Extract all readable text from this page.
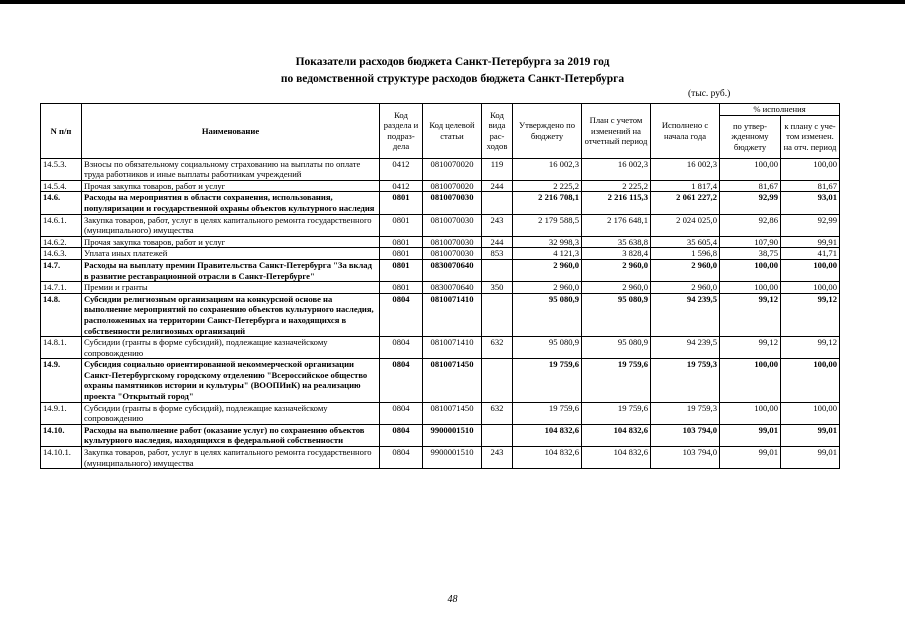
Показатели расходов бюджета Санкт-Петербурга за 2019 год
по ведомственной структуре расходов бюджета Санкт-Петербурга
(тыс. руб.)
N п/п	Наименование	Код раздела и подраз- дела	Код целевой статьи	Код вида рас- ходов	Утверждено по бюджету	План с учетом изменений на отчетный период	Исполнено с начала года	% исполнения	
								по утвер- жденному бюджету	к плану с уче- том изменен. на отч. период
14.5.3.	Взносы по обязательному социальному страхованию на выплаты по оплате труда работников и иные выплаты работникам учреждений	0412	0810070020	119	16 002,3	16 002,3	16 002,3	100,00	100,00
14.5.4.	Прочая закупка товаров, работ и услуг	0412	0810070020	244	2 225,2	2 225,2	1 817,4	81,67	81,67
14.6.	Расходы на мероприятия в области сохранения, использования, популяризации и государственной охраны объектов культурного наследия	0801	0810070030		2 216 708,1	2 216 115,3	2 061 227,2	92,99	93,01
14.6.1.	Закупка товаров, работ, услуг в целях капитального ремонта государственного (муниципального) имущества	0801	0810070030	243	2 179 588,5	2 176 648,1	2 024 025,0	92,86	92,99
14.6.2.	Прочая закупка товаров, работ и услуг	0801	0810070030	244	32 998,3	35 638,8	35 605,4	107,90	99,91
14.6.3.	Уплата иных платежей	0801	0810070030	853	4 121,3	3 828,4	1 596,8	38,75	41,71
14.7.	Расходы на выплату премии Правительства Санкт-Петербурга "За вклад в развитие реставрационной отрасли в Санкт-Петербурге"	0801	0830070640		2 960,0	2 960,0	2 960,0	100,00	100,00
14.7.1.	Премии и гранты	0801	0830070640	350	2 960,0	2 960,0	2 960,0	100,00	100,00
14.8.	Субсидии религиозным организациям на конкурсной основе на выполнение мероприятий по сохранению объектов культурного наследия, расположенных на территории Санкт-Петербурга и находящихся в собственности религиозных организаций	0804	0810071410		95 080,9	95 080,9	94 239,5	99,12	99,12
14.8.1.	Субсидии (гранты в форме субсидий), подлежащие казначейскому сопровождению	0804	0810071410	632	95 080,9	95 080,9	94 239,5	99,12	99,12
14.9.	Субсидия социально ориентированной некоммерческой организации Санкт-Петербургскому городскому отделению "Всероссийское общество охраны памятников истории и культуры" (ВООПИиК) на реализацию проекта "Открытый город"	0804	0810071450		19 759,6	19 759,6	19 759,3	100,00	100,00
14.9.1.	Субсидии (гранты в форме субсидий), подлежащие казначейскому сопровождению	0804	0810071450	632	19 759,6	19 759,6	19 759,3	100,00	100,00
14.10.	Расходы на выполнение работ (оказание услуг) по сохранению объектов культурного наследия, находящихся в федеральной собственности	0804	9900001510		104 832,6	104 832,6	103 794,0	99,01	99,01
14.10.1.	Закупка товаров, работ, услуг в целях капитального ремонта государственного (муниципального) имущества	0804	9900001510	243	104 832,6	104 832,6	103 794,0	99,01	99,01
48
